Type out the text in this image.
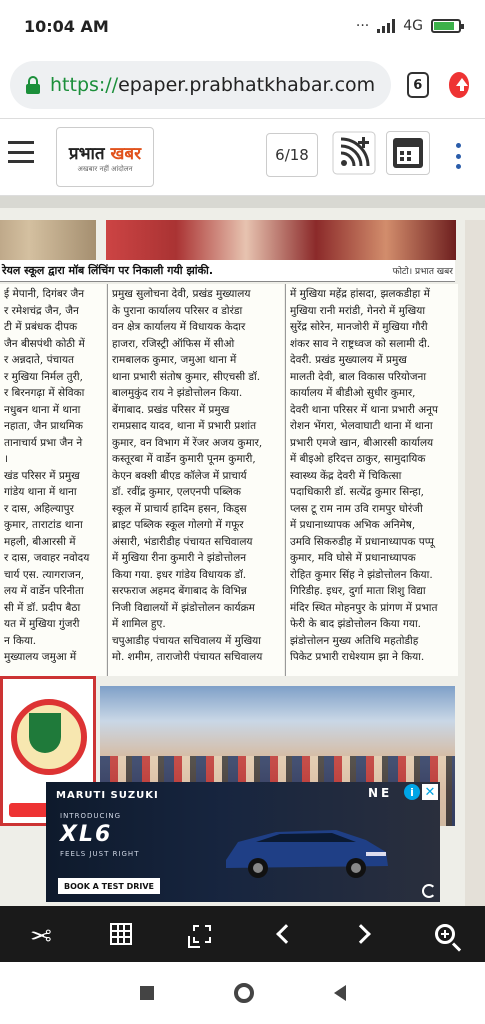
10:04 AM	··· 4G
https:// epaper.prabhatkhabar.com	6
प्रभात खबर
अखबार नहीं आंदोलन
6/18
रेयल स्कूल द्वारा मॉब लिंचिंग पर निकाली गयी झांकी.	फोटो। प्रभात खबर
ई मेपानी, दिगंबर जैन
र रमेशचंद्र जैन, जैन
टी में प्रबंधक दीपक
जैन बीसपंथी कोठी में
र अन्नदाते, पंचायत
र मुखिया निर्मल तुरी,
र बिरनगढ़ा में सेविका
नधुबन थाना में थाना
नहाता, जैन प्राथमिक
तानाचार्य प्रभा जैन ने
।
खंड परिसर में प्रमुख
गांडेय थाना में थाना
र दास, अहिल्यापुर
कुमार, ताराटांड थाना
महली, बीआरसी में
र दास, जवाहर नवोदय
चार्य एस. त्यागराजन,
लय में वार्डेन परिनीता
सी में डॉ. प्रदीप बैठा
यत में मुखिया गुंजरी
न किया.
मुख्यालय जमुआ में
प्रमुख सुलोचना देवी, प्रखंड मुख्यालय
के पुराना कार्यालय परिसर व डोरंडा
वन क्षेत्र कार्यालय में विधायक केदार
हाजरा, रजिस्ट्री ऑफिस में सीओ
रामबालक कुमार, जमुआ थाना में
थाना प्रभारी संतोष कुमार, सीएचसी डॉ.
बालमुकुंद राय ने झंडोत्तोलन किया.
बेंगाबाद. प्रखंड परिसर में प्रमुख
रामप्रसाद यादव, थाना में प्रभारी प्रशांत
कुमार, वन विभाग में रेंजर अजय कुमार,
कस्तूरबा में वार्डेन कुमारी पूनम कुमारी,
केएन बक्शी बीएड कॉलेज में प्राचार्य
डॉ. रवींद्र कुमार, एलएनपी पब्लिक
स्कूल में प्राचार्य हादिम हसन, किड्स
ब्राइट पब्लिक स्कूल गोलगो में गफूर
अंसारी, भंडारीडीह पंचायत सचिवालय
में मुखिया रीना कुमारी ने झंडोत्तोलन
किया गया. इधर गांडेय विधायक डॉ.
सरफराज अहमद बेंगाबाद के विभिन्न
निजी विद्यालयों में झंडोत्तोलन कार्यक्रम
में शामिल हुए.
चपुआडीह पंचायत सचिवालय में मुखिया
मो. शमीम, ताराजोरी पंचायत सचिवालय
में मुखिया महेंद्र हांसदा, झलकडीहा में
मुखिया रानी मरांडी, गेनरो में मुखिया
सुरेंद्र सोरेन, मानजोरी में मुखिया गौरी
शंकर साव ने राष्ट्रध्वज को सलामी दी.
देवरी. प्रखंड मुख्यालय में प्रमुख
मालती देवी, बाल विकास परियोजना
कार्यालय में बीडीओ सुधीर कुमार,
देवरी थाना परिसर में थाना प्रभारी अनूप
रोशन भेंगरा, भेलवाघाटी थाना में थाना
प्रभारी एमजे खान, बीआरसी कार्यालय
में बीइओ हरिदत्त ठाकुर, सामुदायिक
स्वास्थ्य केंद्र देवरी में चिकित्सा
पदाधिकारी डॉ. सत्येंद्र कुमार सिन्हा,
प्लस टू राम नाम उवि रामपुर घोरंजी
में प्रधानाध्यापक अभिक अनिमेष,
उमवि सिकरुडीह में प्रधानाध्यापक पप्पू
कुमार, मवि घोसे में प्रधानाध्यापक
रोहित कुमार सिंह ने झंडोत्तोलन किया.
गिरिडीह. इधर, दुर्गा माता शिशु विद्या
मंदिर स्थित मोहनपुर के प्रांगण में प्रभात
फेरी के बाद झंडोत्तोलन किया गया.
झंडोत्तोलन मुख्य अतिथि महतोडीह
पिकेट प्रभारी राधेश्याम झा ने किया.
MARUTI SUZUKI
INTRODUCING
XL6
FEELS JUST RIGHT
BOOK A TEST DRIVE
NE	i ✕
✂
